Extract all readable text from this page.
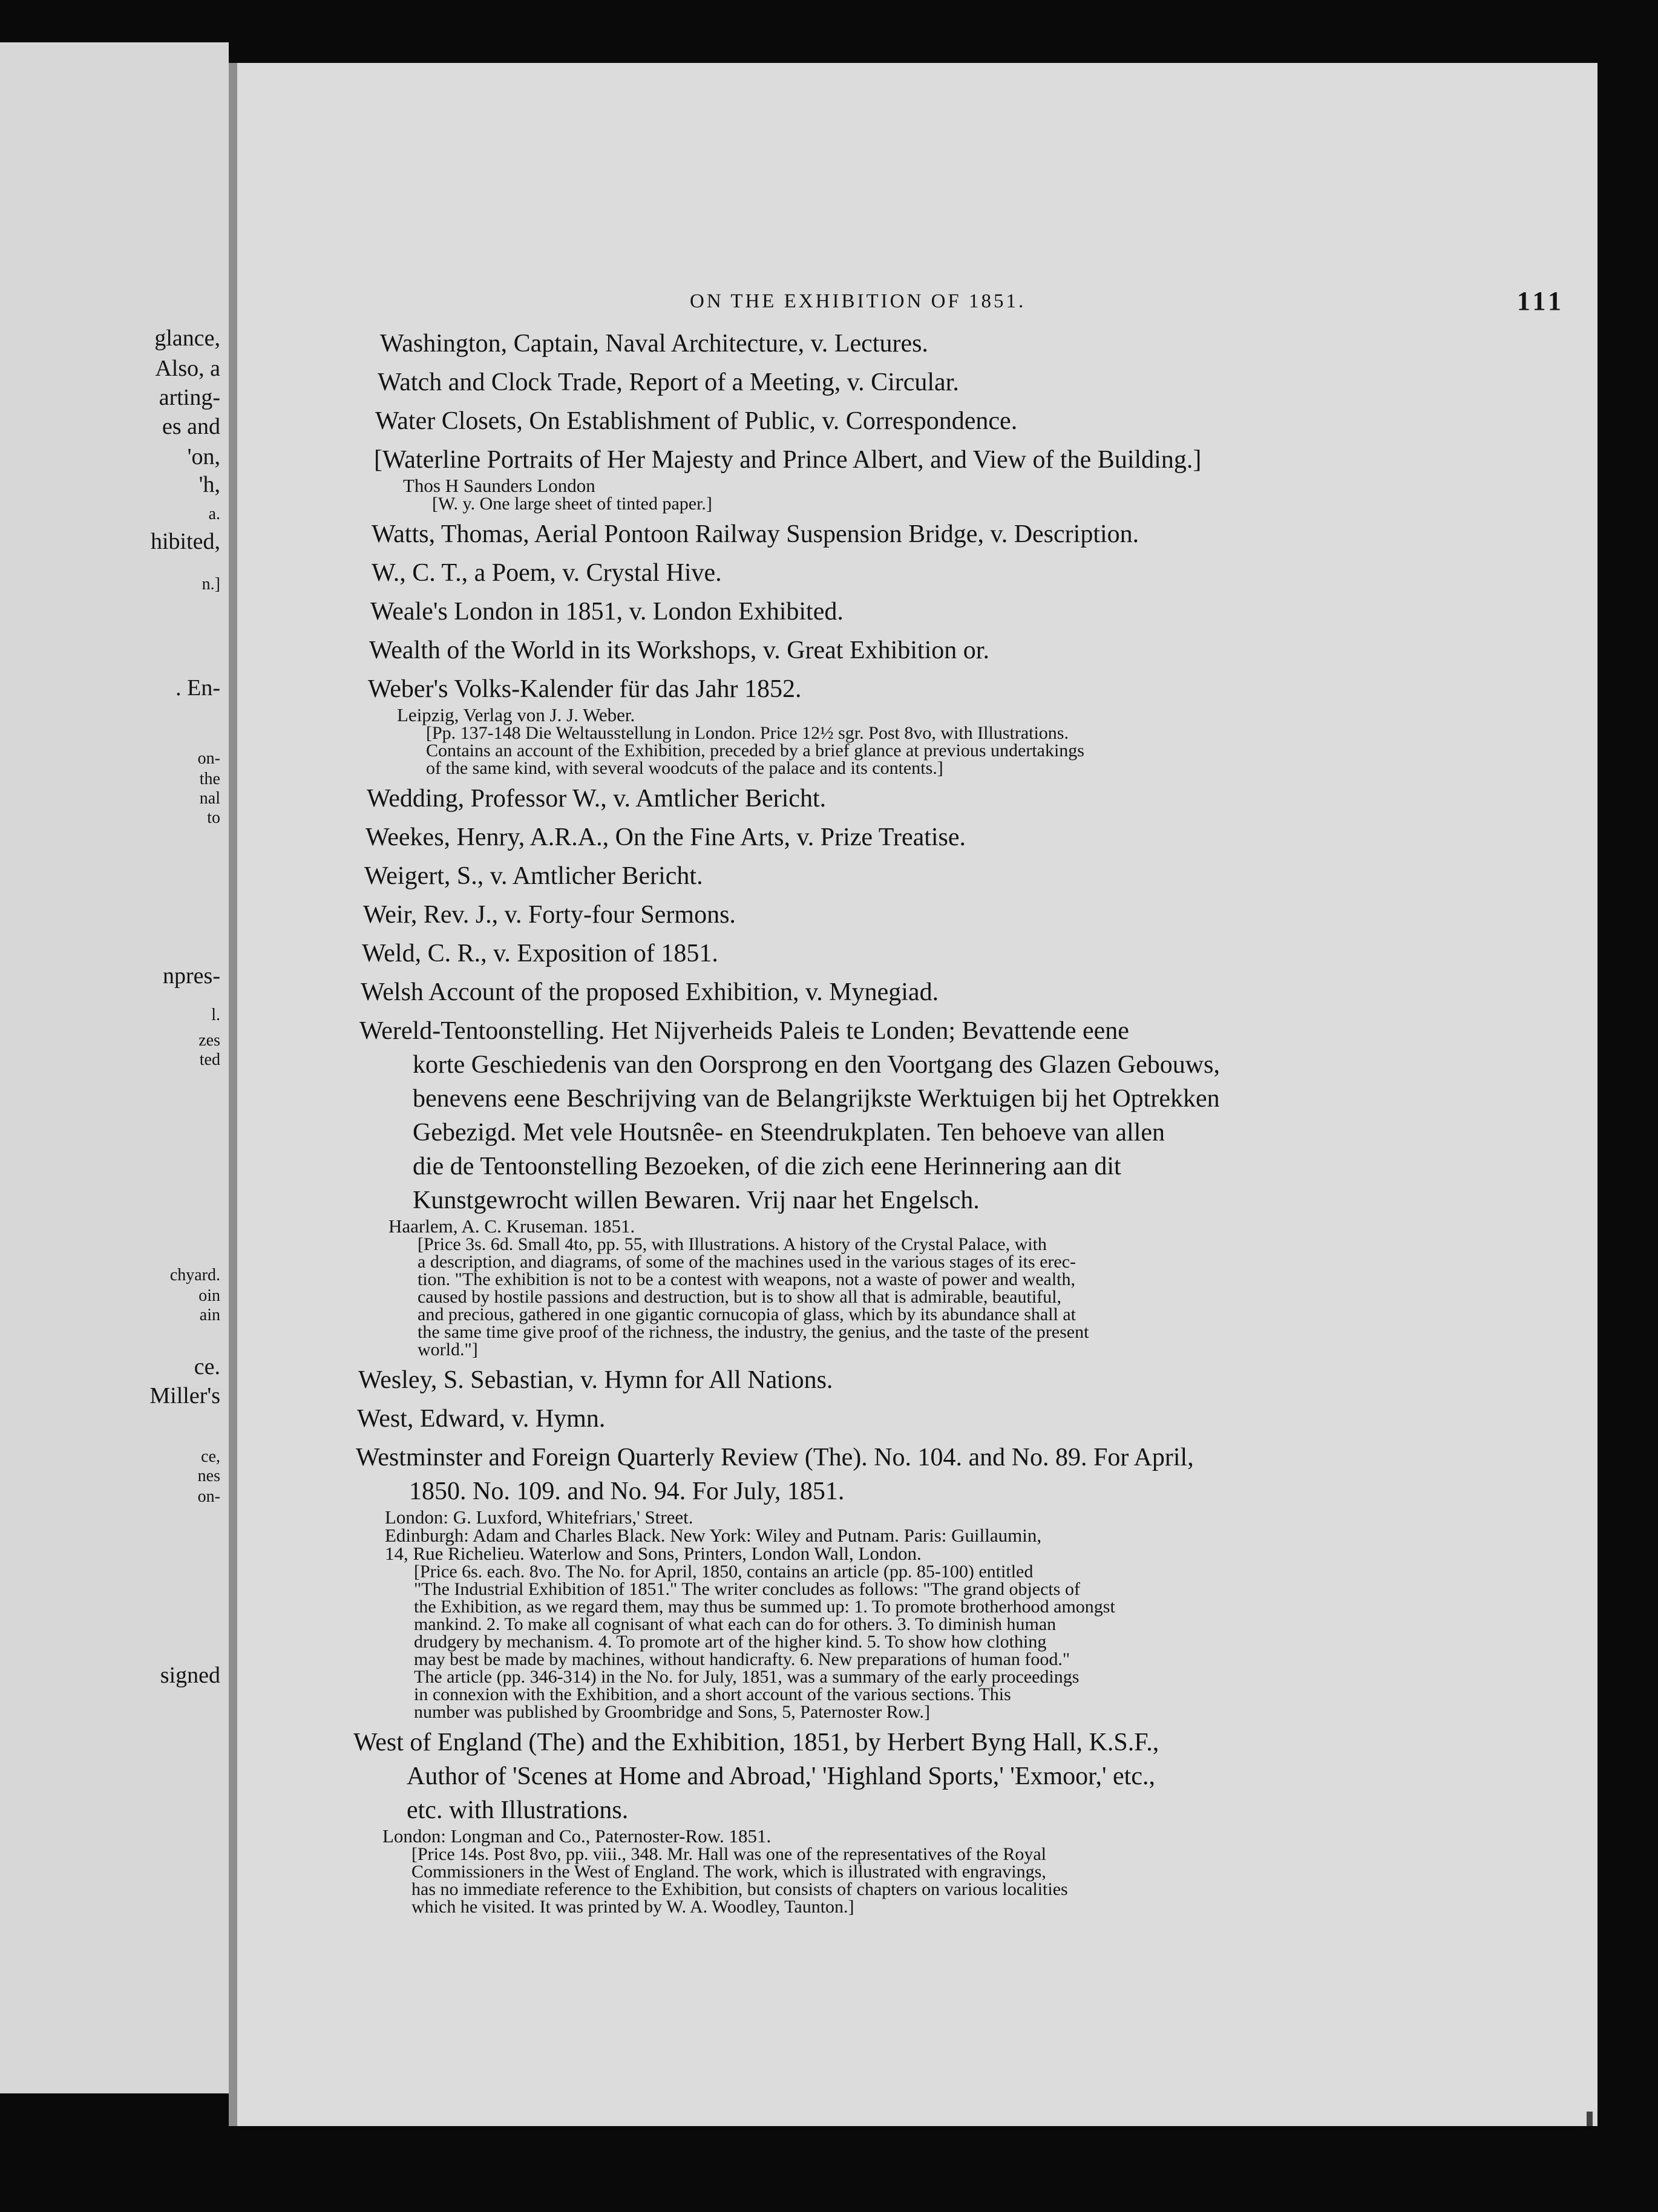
glance,
Also, a
arting-
es and
'on,
'h,
a.
hibited,
n.]
. En-
on-
the
nal
to
npres-
l.
zes
ted
chyard.
oin
ain
ce.
Miller's
ce,
nes
on-
signed
ON THE EXHIBITION OF 1851.	111
Washington, Captain, Naval Architecture, v. Lectures.
Watch and Clock Trade, Report of a Meeting, v. Circular.
Water Closets, On Establishment of Public, v. Correspondence.
[Waterline Portraits of Her Majesty and Prince Albert, and View of the Building.]
Thos H Saunders London
[W. y. One large sheet of tinted paper.]
Watts, Thomas, Aerial Pontoon Railway Suspension Bridge, v. Description.
W., C. T., a Poem, v. Crystal Hive.
Weale's London in 1851, v. London Exhibited.
Wealth of the World in its Workshops, v. Great Exhibition or.
Weber's Volks-Kalender für das Jahr 1852.
Leipzig, Verlag von J. J. Weber.
[Pp. 137-148 Die Weltausstellung in London. Price 12½ sgr. Post 8vo, with Illustrations.
Contains an account of the Exhibition, preceded by a brief glance at previous undertakings
of the same kind, with several woodcuts of the palace and its contents.]
Wedding, Professor W., v. Amtlicher Bericht.
Weekes, Henry, A.R.A., On the Fine Arts, v. Prize Treatise.
Weigert, S., v. Amtlicher Bericht.
Weir, Rev. J., v. Forty-four Sermons.
Weld, C. R., v. Exposition of 1851.
Welsh Account of the proposed Exhibition, v. Mynegiad.
Wereld-Tentoonstelling. Het Nijverheids Paleis te Londen; Bevattende eene
korte Geschiedenis van den Oorsprong en den Voortgang des Glazen Gebouws,
benevens eene Beschrijving van de Belangrijkste Werktuigen bij het Optrekken
Gebezigd. Met vele Houtsnêe- en Steendrukplaten. Ten behoeve van allen
die de Tentoonstelling Bezoeken, of die zich eene Herinnering aan dit
Kunstgewrocht willen Bewaren. Vrij naar het Engelsch.
Haarlem, A. C. Kruseman. 1851.
[Price 3s. 6d. Small 4to, pp. 55, with Illustrations. A history of the Crystal Palace, with
a description, and diagrams, of some of the machines used in the various stages of its erec-
tion. "The exhibition is not to be a contest with weapons, not a waste of power and wealth,
caused by hostile passions and destruction, but is to show all that is admirable, beautiful,
and precious, gathered in one gigantic cornucopia of glass, which by its abundance shall at
the same time give proof of the richness, the industry, the genius, and the taste of the present
world."]
Wesley, S. Sebastian, v. Hymn for All Nations.
West, Edward, v. Hymn.
Westminster and Foreign Quarterly Review (The). No. 104. and No. 89. For April,
1850. No. 109. and No. 94. For July, 1851.
London: G. Luxford, Whitefriars,' Street.
Edinburgh: Adam and Charles Black. New York: Wiley and Putnam. Paris: Guillaumin,
14, Rue Richelieu. Waterlow and Sons, Printers, London Wall, London.
[Price 6s. each. 8vo. The No. for April, 1850, contains an article (pp. 85-100) entitled
"The Industrial Exhibition of 1851." The writer concludes as follows: "The grand objects of
the Exhibition, as we regard them, may thus be summed up: 1. To promote brotherhood amongst
mankind. 2. To make all cognisant of what each can do for others. 3. To diminish human
drudgery by mechanism. 4. To promote art of the higher kind. 5. To show how clothing
may best be made by machines, without handicrafty. 6. New preparations of human food."
The article (pp. 346-314) in the No. for July, 1851, was a summary of the early proceedings
in connexion with the Exhibition, and a short account of the various sections. This
number was published by Groombridge and Sons, 5, Paternoster Row.]
West of England (The) and the Exhibition, 1851, by Herbert Byng Hall, K.S.F.,
Author of 'Scenes at Home and Abroad,' 'Highland Sports,' 'Exmoor,' etc.,
etc. with Illustrations.
London: Longman and Co., Paternoster-Row. 1851.
[Price 14s. Post 8vo, pp. viii., 348. Mr. Hall was one of the representatives of the Royal
Commissioners in the West of England. The work, which is illustrated with engravings,
has no immediate reference to the Exhibition, but consists of chapters on various localities
which he visited. It was printed by W. A. Woodley, Taunton.]
